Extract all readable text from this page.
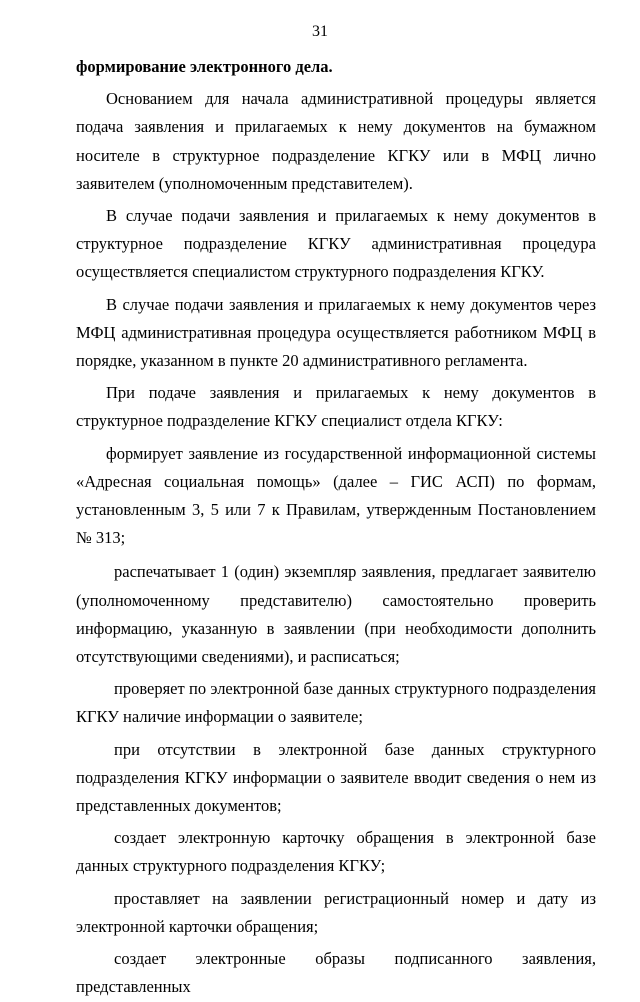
31

формирование электронного дела.

Основанием для начала административной процедуры является подача заявления и прилагаемых к нему документов на бумажном носителе в структурное подразделение КГКУ или в МФЦ лично заявителем (уполномоченным представителем).

В случае подачи заявления и прилагаемых к нему документов в структурное подразделение КГКУ административная процедура осуществляется специалистом структурного подразделения КГКУ.

В случае подачи заявления и прилагаемых к нему документов через МФЦ административная процедура осуществляется работником МФЦ в порядке, указанном в пункте 20 административного регламента.

При подаче заявления и прилагаемых к нему документов в структурное подразделение КГКУ специалист отдела КГКУ:

формирует заявление из государственной информационной системы «Адресная социальная помощь» (далее – ГИС АСП) по формам, установленным 3, 5 или 7 к Правилам, утвержденным Постановлением № 313;

распечатывает 1 (один) экземпляр заявления, предлагает заявителю (уполномоченному представителю) самостоятельно проверить информацию, указанную в заявлении (при необходимости дополнить отсутствующими сведениями), и расписаться;

проверяет по электронной базе данных структурного подразделения КГКУ наличие информации о заявителе;

при отсутствии в электронной базе данных структурного подразделения КГКУ информации о заявителе вводит сведения о нем из представленных документов;

создает электронную карточку обращения в электронной базе данных структурного подразделения КГКУ;

проставляет на заявлении регистрационный номер и дату из электронной карточки обращения;

создает электронные образы подписанного заявления, представленных
